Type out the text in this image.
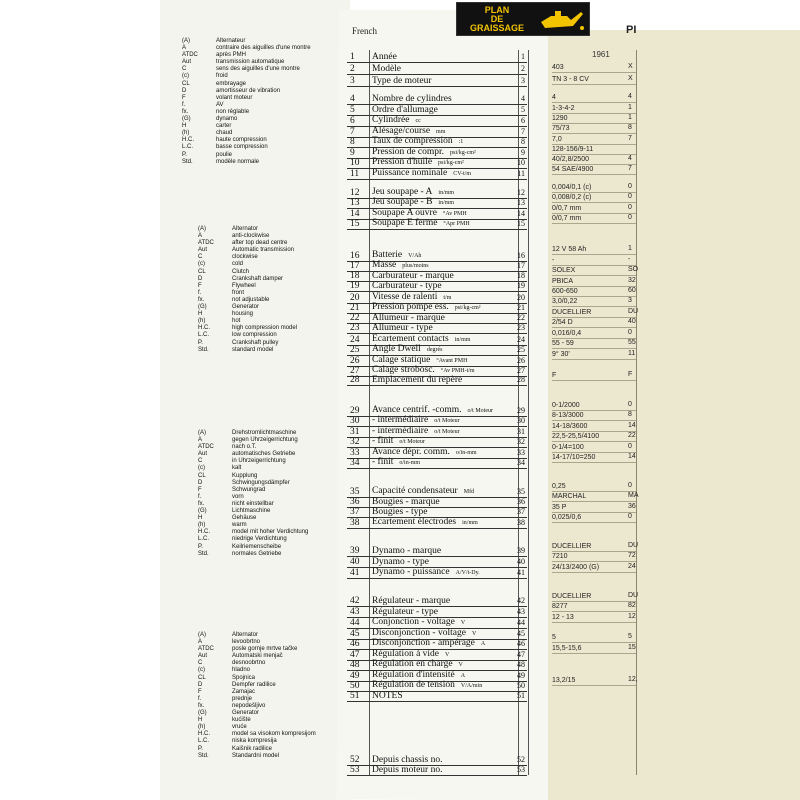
(A)	Alternateur
A	contraire des aiguilles d'une montre
ATDC	après PMH
Aut	transmission automatique
C	sens des aiguilles d'une montre
(c)	froid
CL	embrayage
D	amortisseur de vibration
F	volant moteur
f.	AV
fx.	non réglable
(G)	dynamo
H	carter
(h)	chaud
H.C.	haute compression
L.C.	basse compression
P.	poulie
Std.	modèle normale
(A)	Alternator
A	anti-clockwise
ATDC	after top dead centre
Aut	Automatic transmission
C	clockwise
(c)	cold
CL	Clutch
D	Crankshaft damper
F	Flywheel
f.	front
fx.	not adjustable
(G)	Generator
H	housing
(h)	hot
H.C.	high compression model
L.C.	low compression
P.	Crankshaft pulley
Std.	standard model
(A)	Drehstromlichtmaschine
A	gegen Uhrzeigerrichtung
ATDC	nach o.T.
Aut	automatisches Getriebe
C	in Uhrzeigerrichtung
(c)	kalt
CL	Kupplung
D	Schwingungsdämpfer
F	Schwungrad
f.	vorn
fx.	nicht einstellbar
(G)	Lichtmaschine
H	Gehäuse
(h)	warm
H.C.	model mit hoher Verdichtung
L.C.	niedrige Verdichtung
P.	Keilriemenscheibe
Std.	normales Getriebe
(A)	Alternator
A	levoobrtno
ATDC	posle gornje mrtve tačke
Aut	Automatski menjač
C	desnoobrtno
(c)	hladno
CL	Spojnica
D	Dempfer radilice
F	Zamajac
f.	prednje
fx.	nepodešljivo
(G)	Generator
H	kućište
(h)	vruće
H.C.	model sa visokom kompresijom
L.C.	niska kompresija
P.	Kaišnik radilice
Std.	Standardni model
French
1	Année	1
2	Modèle	2
3	Type de moteur	3
4	Nombre de cylindres	4
5	Ordre d'allumage	5
6	Cylindrée cc	6
7	Alésage/course mm	7
8	Taux de compression :1	8
9	Pression de compr. psi/kg-cm²	9
10	Pression d'huile psi/kg-cm²	10
11	Puissance nominale CV-t/m	11
12	Jeu soupape - A in/mm	12
13	Jeu soupape - B in/mm	13
14	Soupape A ouvre °Av PMH	14
15	Soupape E ferme °Apr PMH	15
16	Batterie V/Ah	16
17	Masse plus/moins	17
18	Carburateur - marque	18
19	Carburateur - type	19
20	Vitesse de ralenti t/m	20
21	Pression pompe ess. psi/kg-cm²	21
22	Allumeur - marque	22
23	Allumeur - type	23
24	Ecartement contacts in/mm	24
25	Angle Dwell degrés	25
26	Calage statique °Avant PMH	26
27	Calage strobosc. °Av PMH-t/m	27
28	Emplacement du repère	28
29	Avance centrif. -comm. o/t Moteur	29
30	- intermédiaire o/t Moteur	30
31	- intermédiaire o/t Moteur	31
32	- finit o/t Moteur	32
33	Avance dépr. comm. o/in-mm	33
34	- finit o/in-mm	34
35	Capacité condensateur Mfd	35
36	Bougies - marque	36
37	Bougies - type	37
38	Ecartement électrodes in/mm	38
39	Dynamo - marque	39
40	Dynamo - type	40
41	Dynamo - puissance A/V/t-Dy.	41
42	Régulateur - marque	42
43	Régulateur - type	43
44	Conjonction - voltage V	44
45	Disconjonction - voltage V	45
46	Disconjonction - ampérage A	46
47	Régulation à vide V	47
48	Régulation en charge V	48
49	Régulation d'intensité A	49
50	Régulation de tension V/A/min	50
51	NOTES	51
52	Depuis chassis no.	52
53	Depuis moteur no.	53
403	X
TN 3 - 8 CV	X
4	4
1-3-4-2	1
1290	1
75/73	8
7,0	7
128-156/9-11
40/2,8/2500	4
54 SAE/4900	7
0,004/0,1 (c)	0
0,008/0,2 (c)	0
0/0,7 mm	0
0/0,7 mm	0
12 V 58 Ah	1
-	-
SOLEX	SO
PBICA	32
600-650	60
3,0/0,22	3
DUCELLIER	DU
2/54 D	40
0,016/0,4	0
55 - 59	55
9° 30'	11
F	F
0-1/2000	0
8-13/3000	8
14-18/3600	14
22,5-25,5/4100	22
0-1/4=100	0
14-17/10=250	14
0,25	0
MARCHAL	MA
35 P	36
0,025/0,6	0
DUCELLIER	DU
7210	72
24/13/2400 (G)	24
DUCELLIER	DU
8277	82
12 - 13	12
5	5
15,5-15,6	15
13,2/15	12,
1961
PLAN
DE
GRAISSAGE	PI
